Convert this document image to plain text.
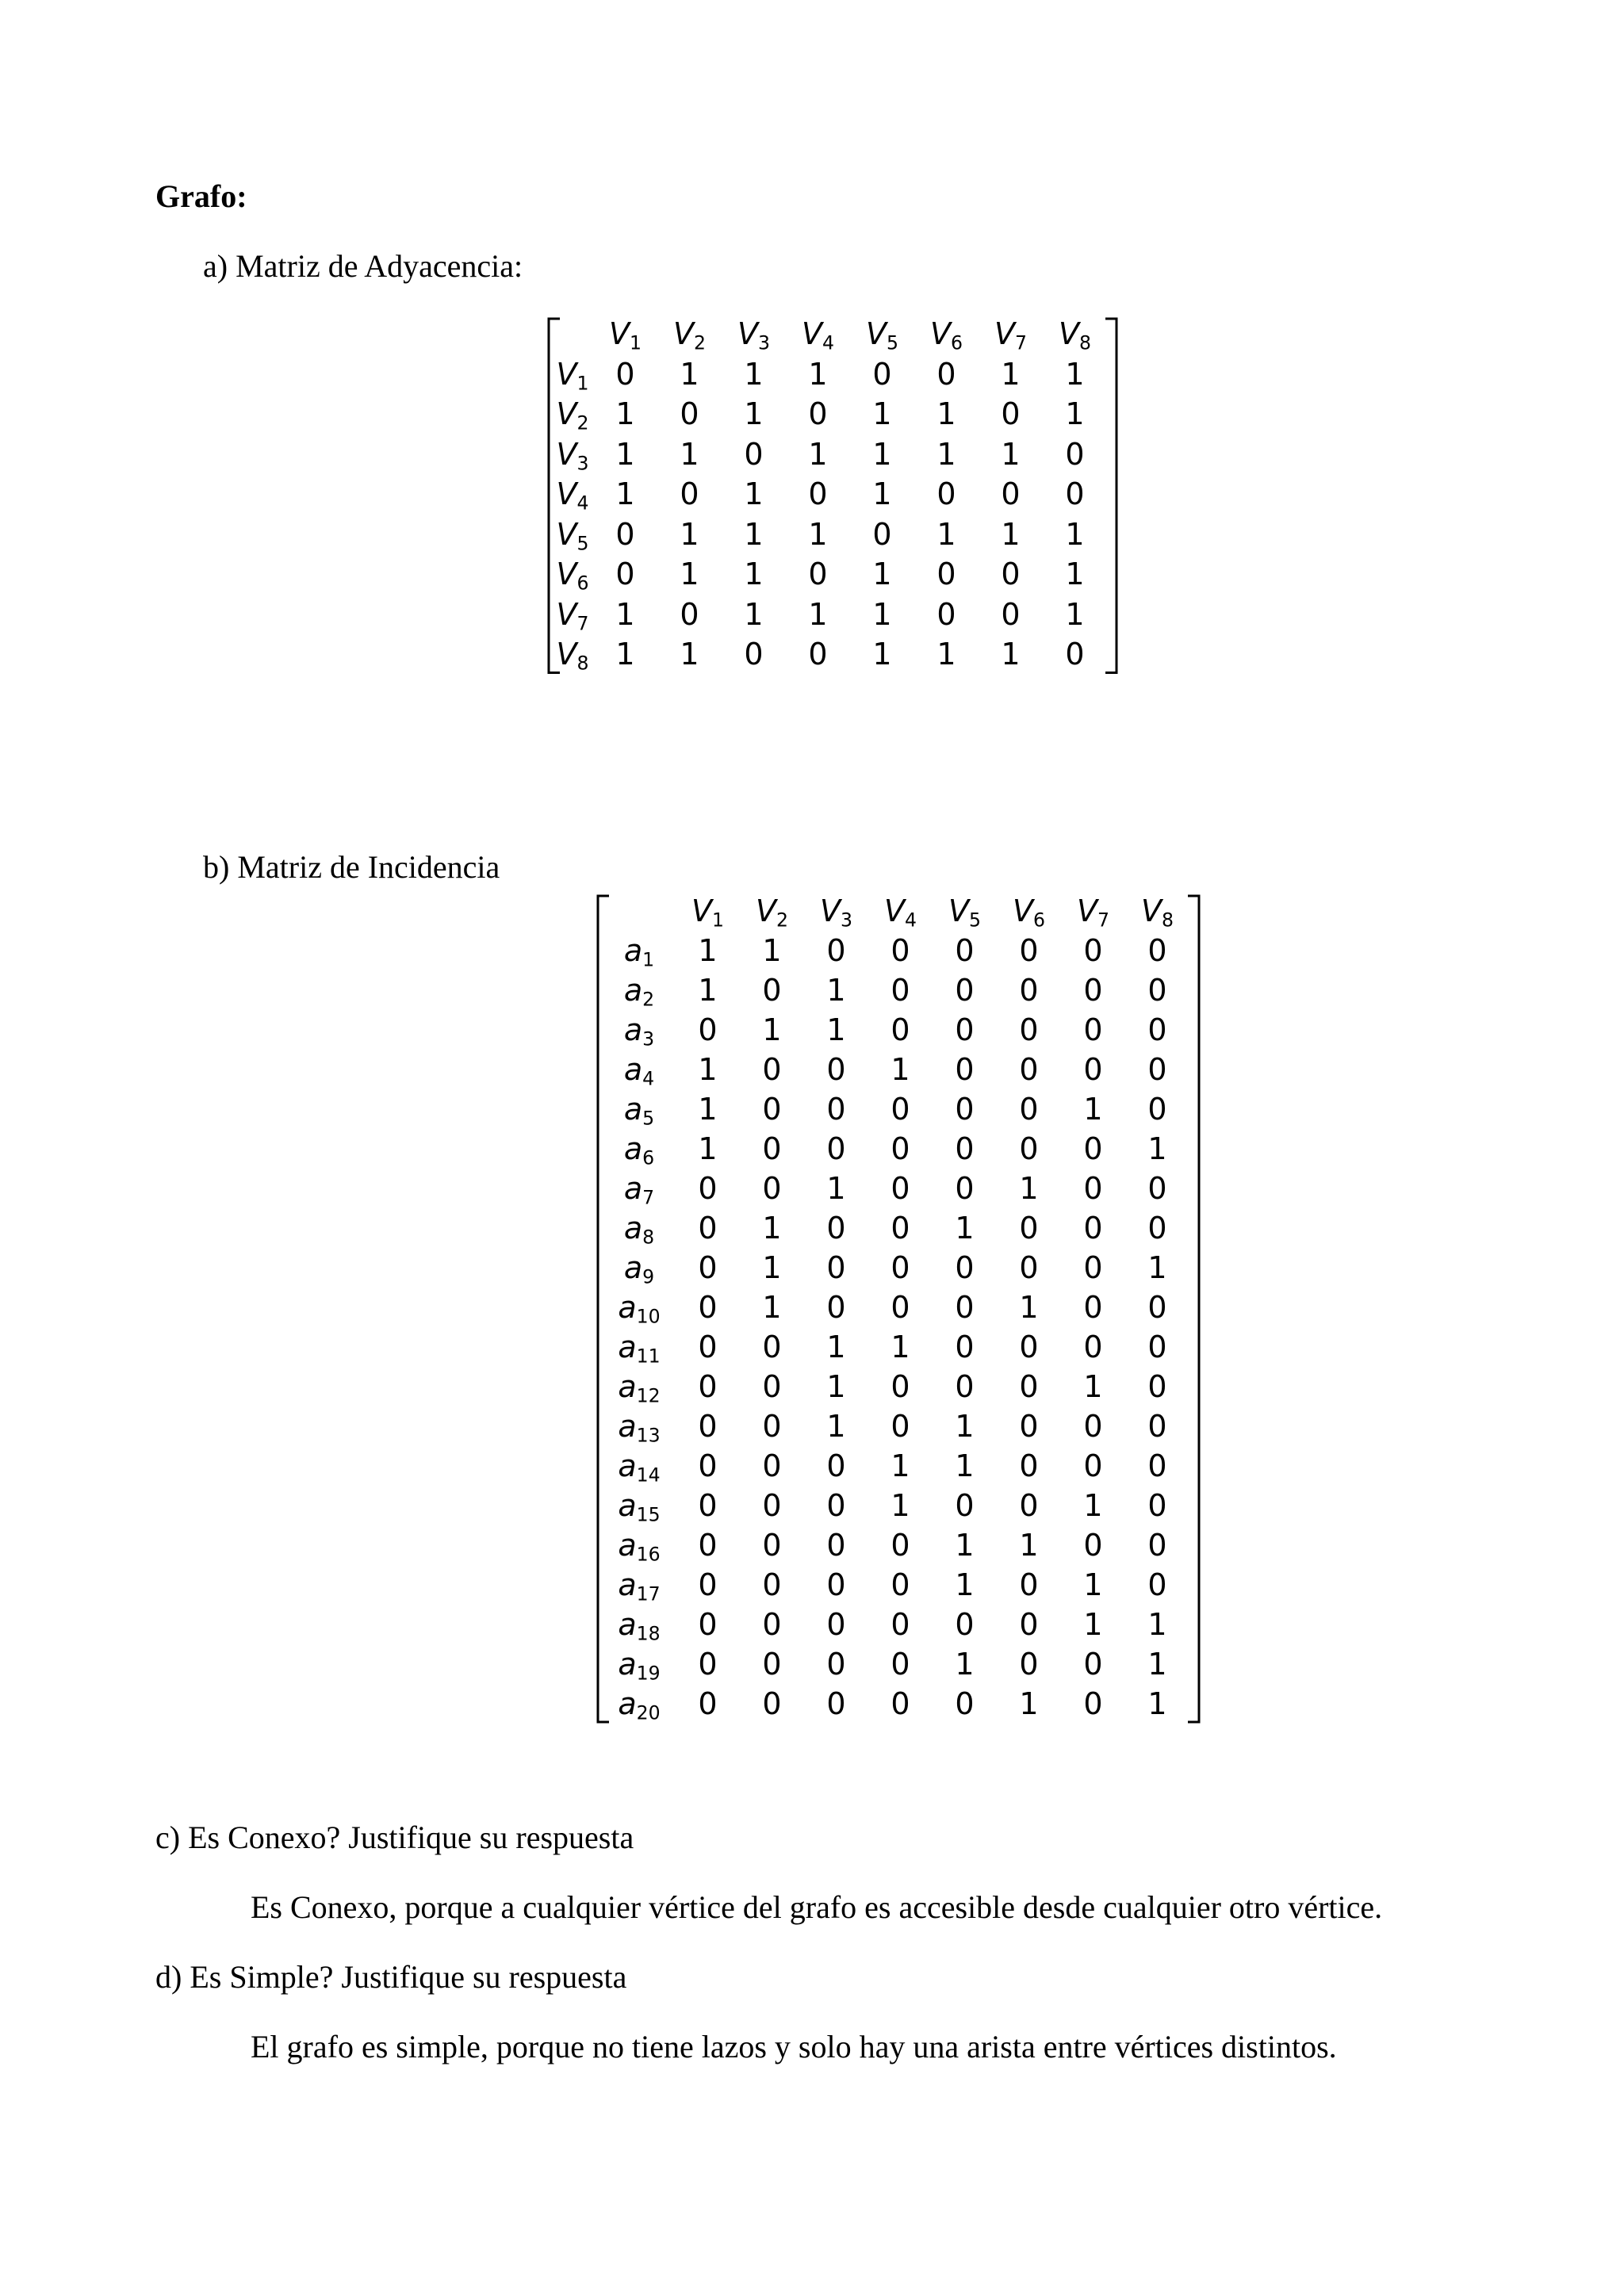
Grafo:
a) Matriz de Adyacencia:
$V_1$	$V_2$	$V_3$	$V_4$	$V_5$	$V_6$	$V_7$	$V_8$
$V_1$ 0	1	1	1	0	0	1	1
$V_2$ 1	0	1	0	1	1	0	1
$V_3$ 1	1	0	1	1	1	1	0
$V_4$ 1	0	1	0	1	0	0	0
$V_5$ 0	1	1	1	0	1	1	1
$V_6$ 0	1	1	0	1	0	0	1
$V_7$ 1	0	1	1	1	0	0	1
$V_8$ 1	1	0	0	1	1	1	0
b) Matriz de Incidencia
$V_1$	$V_2$	$V_3$	$V_4$	$V_5$	$V_6$	$V_7$	$V_8$
$a_1$	1	1	0	0	0	0	0	0
$a_2$	1	0	1	0	0	0	0	0
$a_3$	0	1	1	0	0	0	0	0
$a_4$	1	0	0	1	0	0	0	0
$a_5$	1	0	0	0	0	0	1	0
$a_6$	1	0	0	0	0	0	0	1
$a_7$	0	0	1	0	0	1	0	0
$a_8$	0	1	0	0	1	0	0	0
$a_9$	0	1	0	0	0	0	0	1
$a_{10}$	0	1	0	0	0	1	0	0
$a_{11}$	0	0	1	1	0	0	0	0
$a_{12}$	0	0	1	0	0	0	1	0
$a_{13}$	0	0	1	0	1	0	0	0
$a_{14}$	0	0	0	1	1	0	0	0
$a_{15}$	0	0	0	1	0	0	1	0
$a_{16}$	0	0	0	0	1	1	0	0
$a_{17}$	0	0	0	0	1	0	1	0
$a_{18}$	0	0	0	0	0	0	1	1
$a_{19}$	0	0	0	0	1	0	0	1
$a_{20}$	0	0	0	0	0	1	0	1
c) Es Conexo? Justifique su respuesta
Es Conexo, porque a cualquier vértice del grafo es accesible desde cualquier otro vértice.
d) Es Simple? Justifique su respuesta
El grafo es simple, porque no tiene lazos y solo hay una arista entre vértices distintos.
